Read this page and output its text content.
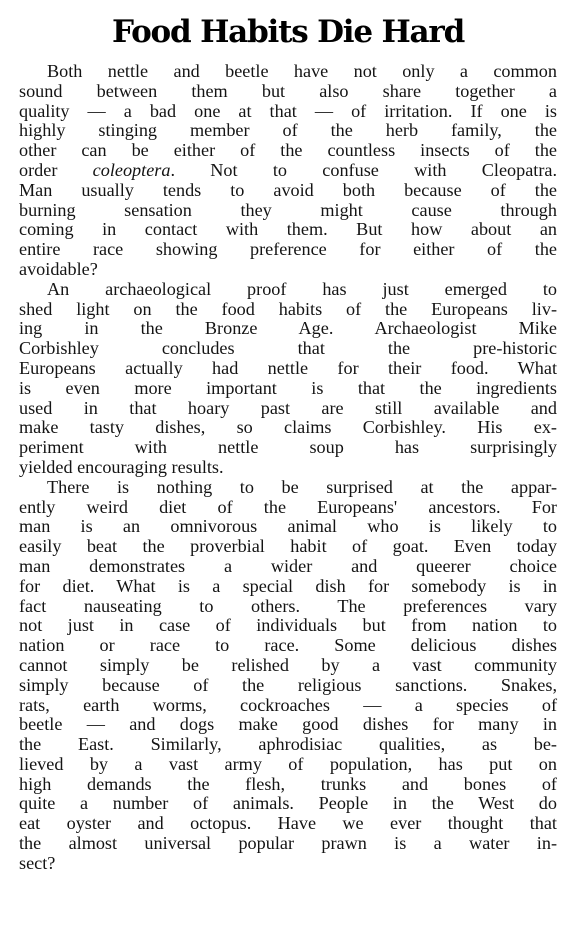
Food Habits Die Hard

Both nettle and beetle have not only a common
sound between them but also share together a
quality — a bad one at that — of irritation. If one is
highly stinging member of the herb family, the
other can be either of the countless insects of the
order coleoptera. Not to confuse with Cleopatra.
Man usually tends to avoid both because of the
burning sensation they might cause through
coming in contact with them. But how about an
entire race showing preference for either of the
avoidable?

An archaeological proof has just emerged to
shed light on the food habits of the Europeans liv-
ing in the Bronze Age. Archaeologist Mike
Corbishley concludes that the pre-historic
Europeans actually had nettle for their food. What
is even more important is that the ingredients
used in that hoary past are still available and
make tasty dishes, so claims Corbishley. His ex-
periment with nettle soup has surprisingly
yielded encouraging results.

There is nothing to be surprised at the appar-
ently weird diet of the Europeans' ancestors. For
man is an omnivorous animal who is likely to
easily beat the proverbial habit of goat. Even today
man demonstrates a wider and queerer choice
for diet. What is a special dish for somebody is in
fact nauseating to others. The preferences vary
not just in case of individuals but from nation to
nation or race to race. Some delicious dishes
cannot simply be relished by a vast community
simply because of the religious sanctions. Snakes,
rats, earth worms, cockroaches — a species of
beetle — and dogs make good dishes for many in
the East. Similarly, aphrodisiac qualities, as be-
lieved by a vast army of population, has put on
high demands the flesh, trunks and bones of
quite a number of animals. People in the West do
eat oyster and octopus. Have we ever thought that
the almost universal popular prawn is a water in-
sect?
